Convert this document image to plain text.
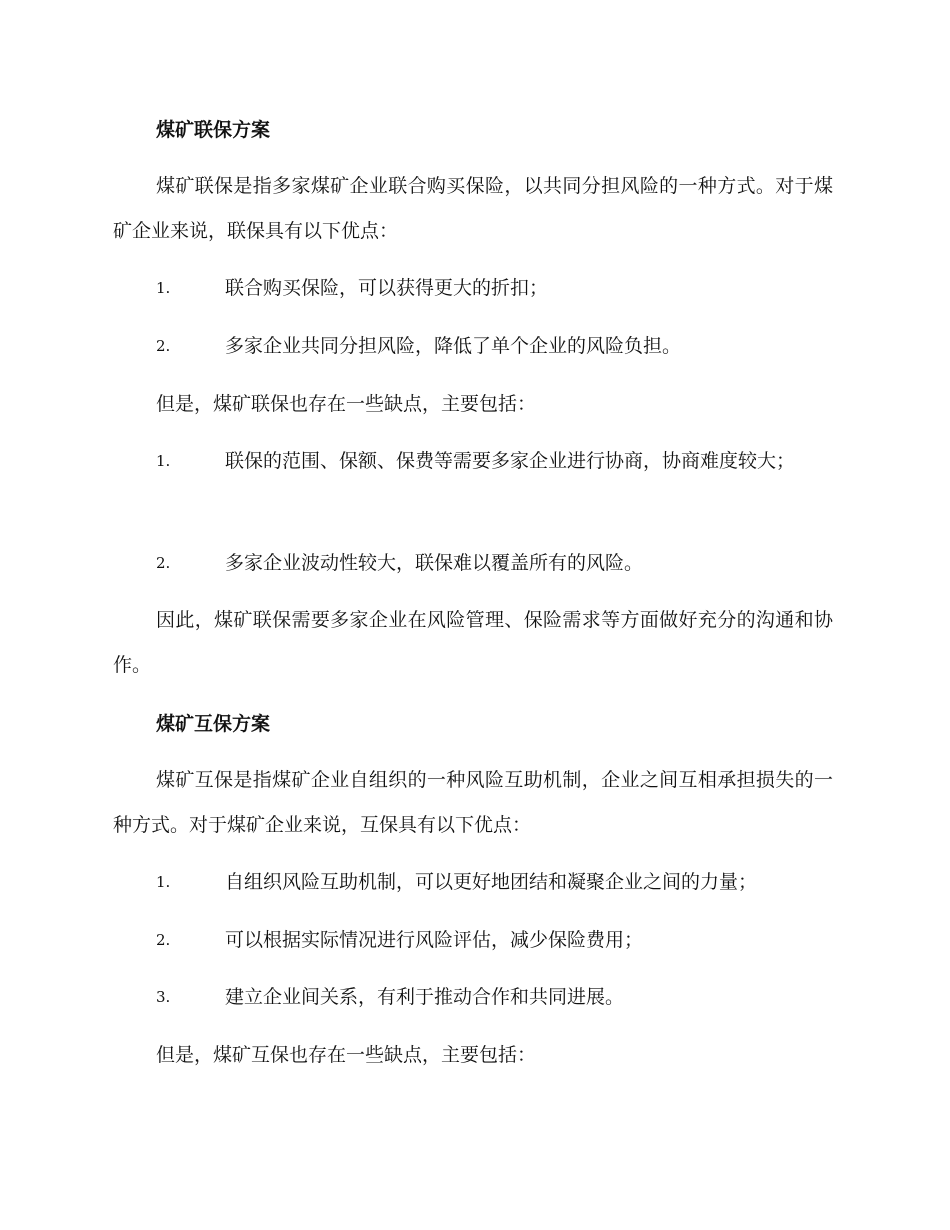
煤矿联保方案
煤矿联保是指多家煤矿企业联合购买保险，以共同分担风险的一种方式。对于煤矿企业来说，联保具有以下优点：
1.	联合购买保险，可以获得更大的折扣；
2.	多家企业共同分担风险，降低了单个企业的风险负担。
但是，煤矿联保也存在一些缺点，主要包括：
1.	联保的范围、保额、保费等需要多家企业进行协商，协商难度较大；
2.	多家企业波动性较大，联保难以覆盖所有的风险。
因此，煤矿联保需要多家企业在风险管理、保险需求等方面做好充分的沟通和协作。
煤矿互保方案
煤矿互保是指煤矿企业自组织的一种风险互助机制，企业之间互相承担损失的一种方式。对于煤矿企业来说，互保具有以下优点：
1.	自组织风险互助机制，可以更好地团结和凝聚企业之间的力量；
2.	可以根据实际情况进行风险评估，减少保险费用；
3.	建立企业间关系，有利于推动合作和共同进展。
但是，煤矿互保也存在一些缺点，主要包括：
